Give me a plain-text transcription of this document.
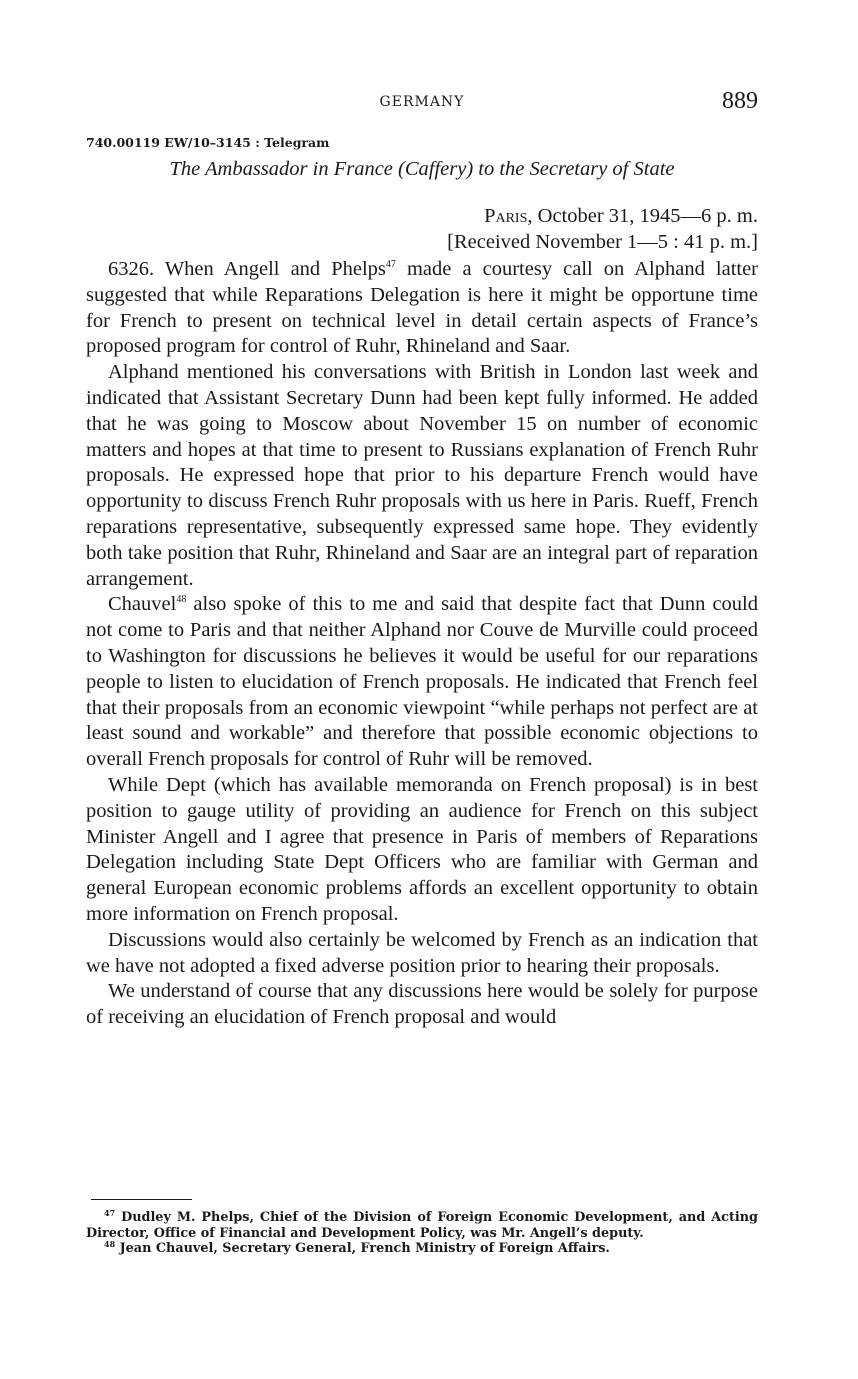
GERMANY	889
740.00119 EW/10–3145 : Telegram
The Ambassador in France (Caffery) to the Secretary of State
Paris, October 31, 1945—6 p. m.
[Received November 1—5 : 41 p. m.]

6326. When Angell and Phelps$^{47}$ made a courtesy call on Alphand latter suggested that while Reparations Delegation is here it might be opportune time for French to present on technical level in detail certain aspects of France’s proposed program for control of Ruhr, Rhineland and Saar.

Alphand mentioned his conversations with British in London last week and indicated that Assistant Secretary Dunn had been kept fully informed. He added that he was going to Moscow about November 15 on number of economic matters and hopes at that time to present to Russians explanation of French Ruhr proposals. He expressed hope that prior to his departure French would have opportunity to discuss French Ruhr proposals with us here in Paris. Rueff, French reparations representative, subsequently expressed same hope. They evidently both take position that Ruhr, Rhineland and Saar are an integral part of reparation arrangement.

Chauvel$^{48}$ also spoke of this to me and said that despite fact that Dunn could not come to Paris and that neither Alphand nor Couve de Murville could proceed to Washington for discussions he believes it would be useful for our reparations people to listen to elucidation of French proposals. He indicated that French feel that their proposals from an economic viewpoint “while perhaps not perfect are at least sound and workable” and therefore that possible economic objections to overall French proposals for control of Ruhr will be removed.

While Dept (which has available memoranda on French proposal) is in best position to gauge utility of providing an audience for French on this subject Minister Angell and I agree that presence in Paris of members of Reparations Delegation including State Dept Officers who are familiar with German and general European economic problems affords an excellent opportunity to obtain more information on French proposal.

Discussions would also certainly be welcomed by French as an indication that we have not adopted a fixed adverse position prior to hearing their proposals.

We understand of course that any discussions here would be solely for purpose of receiving an elucidation of French proposal and would

$^{47}$ Dudley M. Phelps, Chief of the Division of Foreign Economic Development, and Acting Director, Office of Financial and Development Policy, was Mr. Angell’s deputy.

$^{48}$ Jean Chauvel, Secretary General, French Ministry of Foreign Affairs.
